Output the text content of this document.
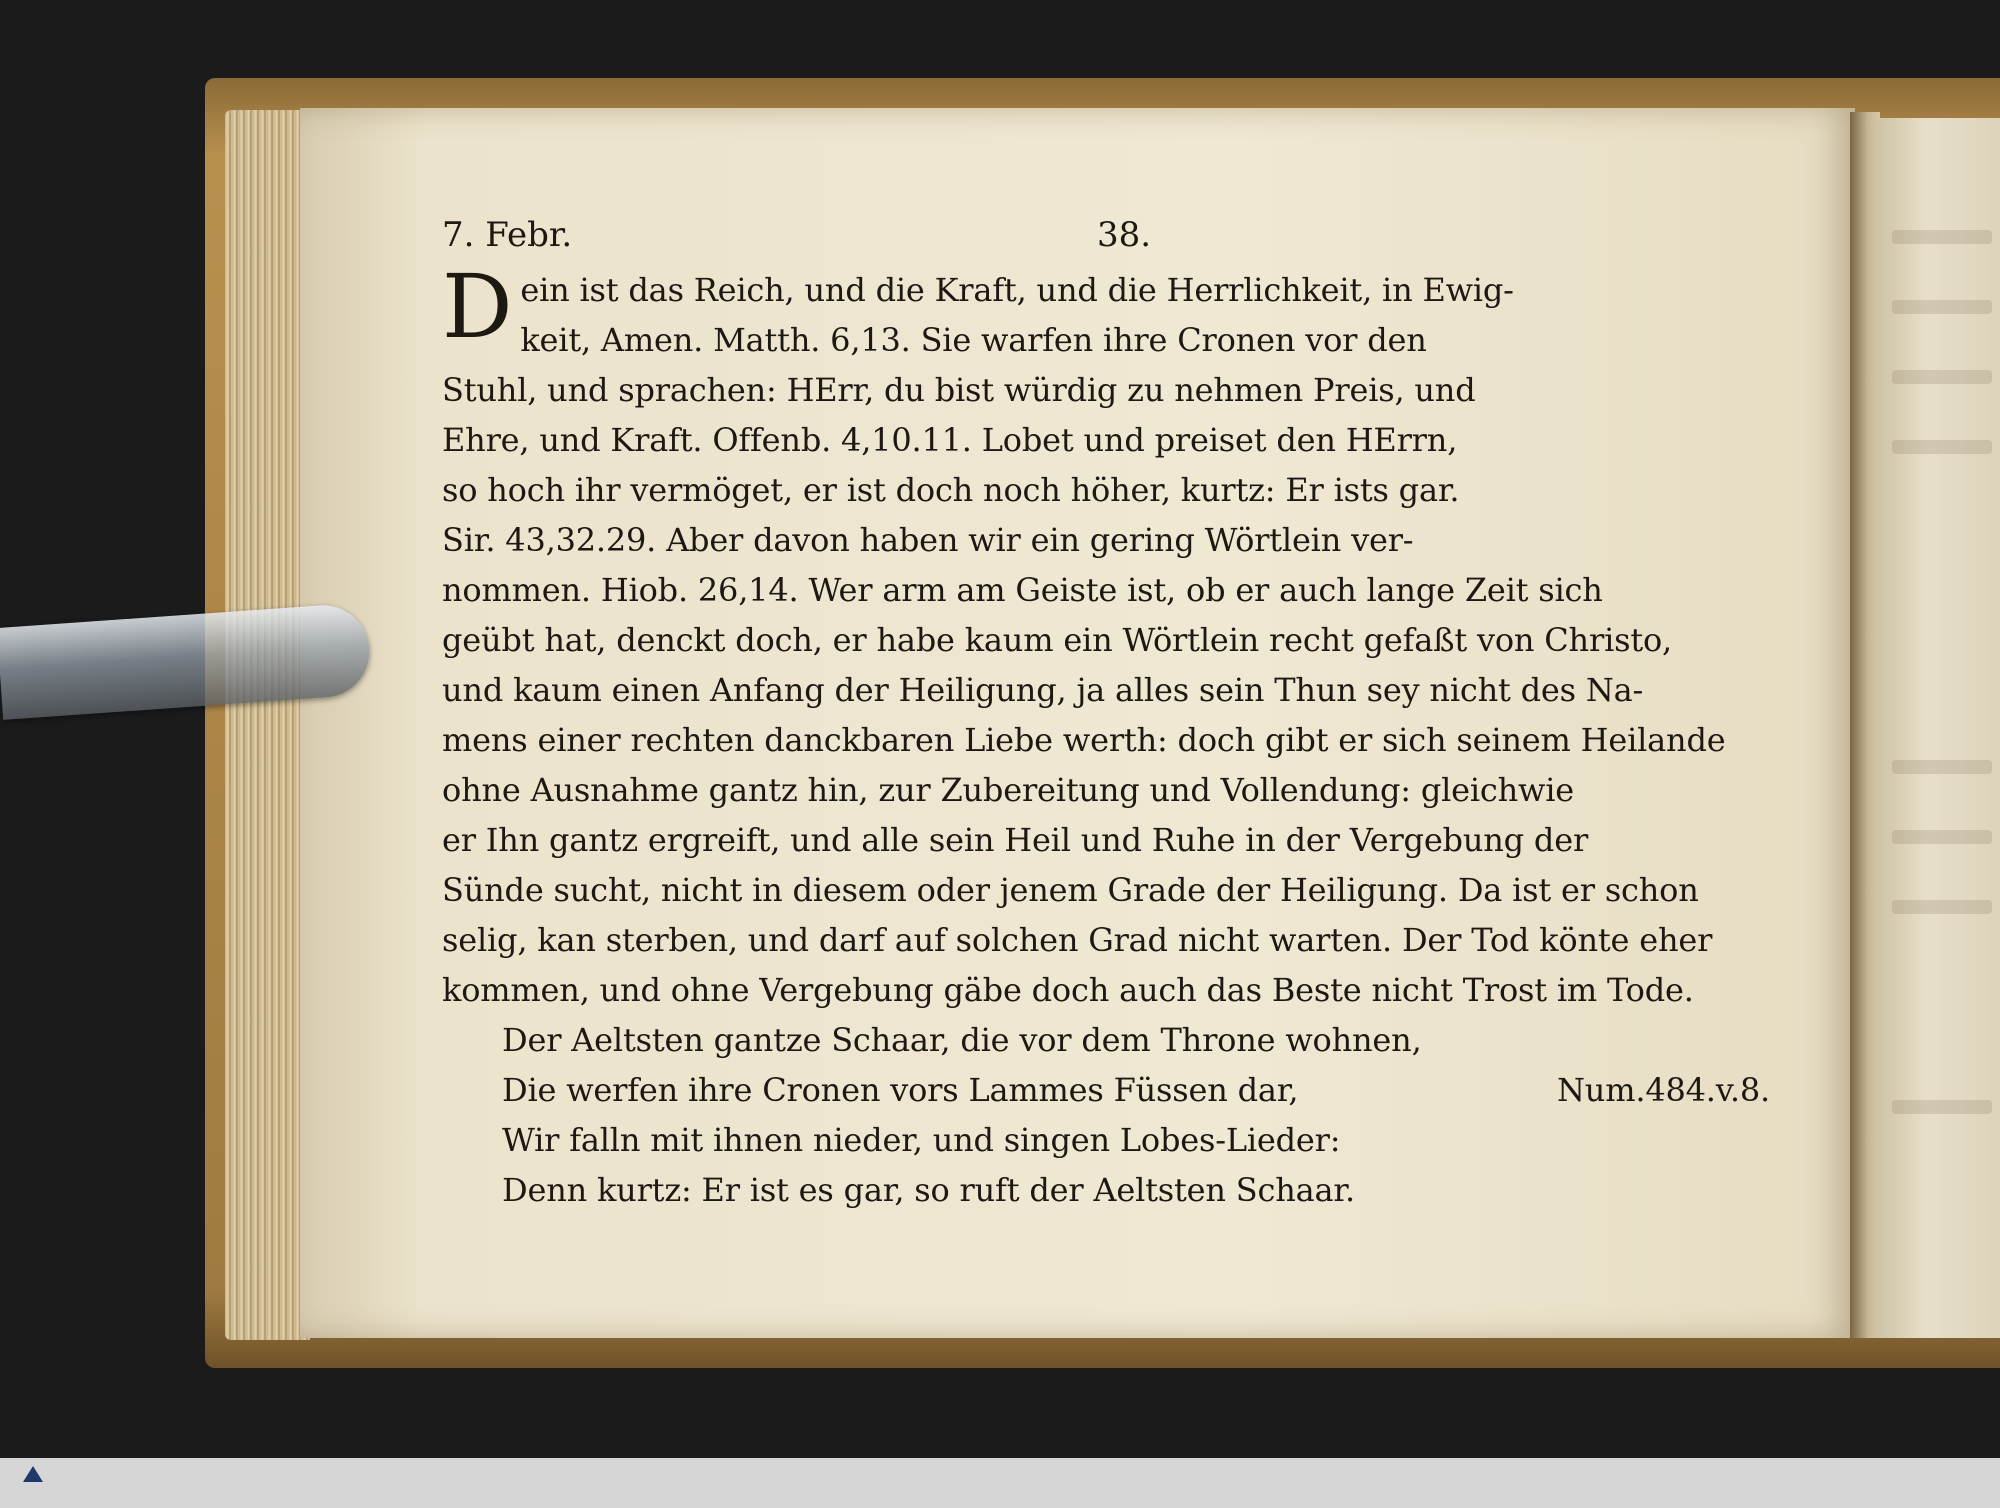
7. Febr.	38.
D ein ist das Reich, und die Kraft, und die Herrlichkeit, in Ewig-
keit, Amen. Matth. 6,13. Sie warfen ihre Cronen vor den
Stuhl, und sprachen: HErr, du bist würdig zu nehmen Preis, und
Ehre, und Kraft. Offenb. 4,10.11. Lobet und preiset den HErrn,
so hoch ihr vermöget, er ist doch noch höher, kurtz: Er ists gar.
Sir. 43,32.29. Aber davon haben wir ein gering Wörtlein ver-
nommen. Hiob. 26,14. Wer arm am Geiste ist, ob er auch lange Zeit sich
geübt hat, denckt doch, er habe kaum ein Wörtlein recht gefaßt von Christo,
und kaum einen Anfang der Heiligung, ja alles sein Thun sey nicht des Na-
mens einer rechten danckbaren Liebe werth: doch gibt er sich seinem Heilande
ohne Ausnahme gantz hin, zur Zubereitung und Vollendung: gleichwie
er Ihn gantz ergreift, und alle sein Heil und Ruhe in der Vergebung der
Sünde sucht, nicht in diesem oder jenem Grade der Heiligung. Da ist er schon
selig, kan sterben, und darf auf solchen Grad nicht warten. Der Tod könte eher
kommen, und ohne Vergebung gäbe doch auch das Beste nicht Trost im Tode.
Der Aeltsten gantze Schaar, die vor dem Throne wohnen,
Die werfen ihre Cronen vors Lammes Füssen dar,	Num.484.v.8.
Wir falln mit ihnen nieder, und singen Lobes-Lieder:
Denn kurtz: Er ist es gar, so ruft der Aeltsten Schaar.
